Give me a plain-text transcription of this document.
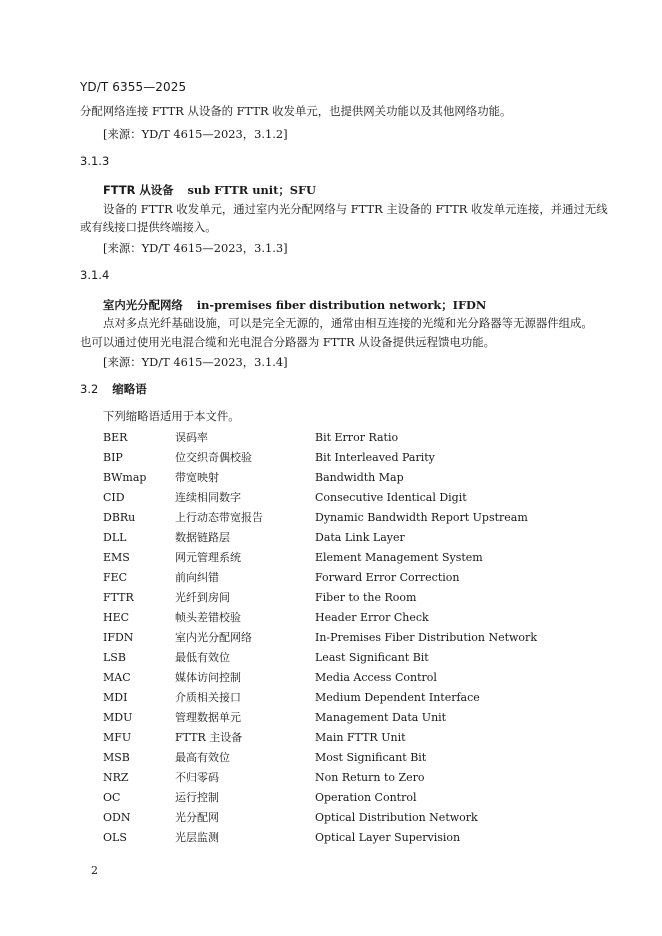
YD/T 6355—2025
分配网络连接 FTTR 从设备的 FTTR 收发单元，也提供网关功能以及其他网络功能。
[来源：YD/T 4615—2023，3.1.2]
3.1.3
FTTR 从设备 sub FTTR unit；SFU
设备的 FTTR 收发单元，通过室内光分配网络与 FTTR 主设备的 FTTR 收发单元连接，并通过无线
或有线接口提供终端接入。
[来源：YD/T 4615—2023，3.1.3]
3.1.4
室内光分配网络 in-premises fiber distribution network；IFDN
点对多点光纤基础设施，可以是完全无源的，通常由相互连接的光缆和光分路器等无源器件组成。
也可以通过使用光电混合缆和光电混合分路器为 FTTR 从设备提供远程馈电功能。
[来源：YD/T 4615—2023，3.1.4]
3.2 缩略语
下列缩略语适用于本文件。
BER	误码率	Bit Error Ratio
BIP	位交织奇偶校验	Bit Interleaved Parity
BWmap	带宽映射	Bandwidth Map
CID	连续相同数字	Consecutive Identical Digit
DBRu	上行动态带宽报告	Dynamic Bandwidth Report Upstream
DLL	数据链路层	Data Link Layer
EMS	网元管理系统	Element Management System
FEC	前向纠错	Forward Error Correction
FTTR	光纤到房间	Fiber to the Room
HEC	帧头差错校验	Header Error Check
IFDN	室内光分配网络	In-Premises Fiber Distribution Network
LSB	最低有效位	Least Significant Bit
MAC	媒体访问控制	Media Access Control
MDI	介质相关接口	Medium Dependent Interface
MDU	管理数据单元	Management Data Unit
MFU	FTTR 主设备	Main FTTR Unit
MSB	最高有效位	Most Significant Bit
NRZ	不归零码	Non Return to Zero
OC	运行控制	Operation Control
ODN	光分配网	Optical Distribution Network
OLS	光层监测	Optical Layer Supervision
2
